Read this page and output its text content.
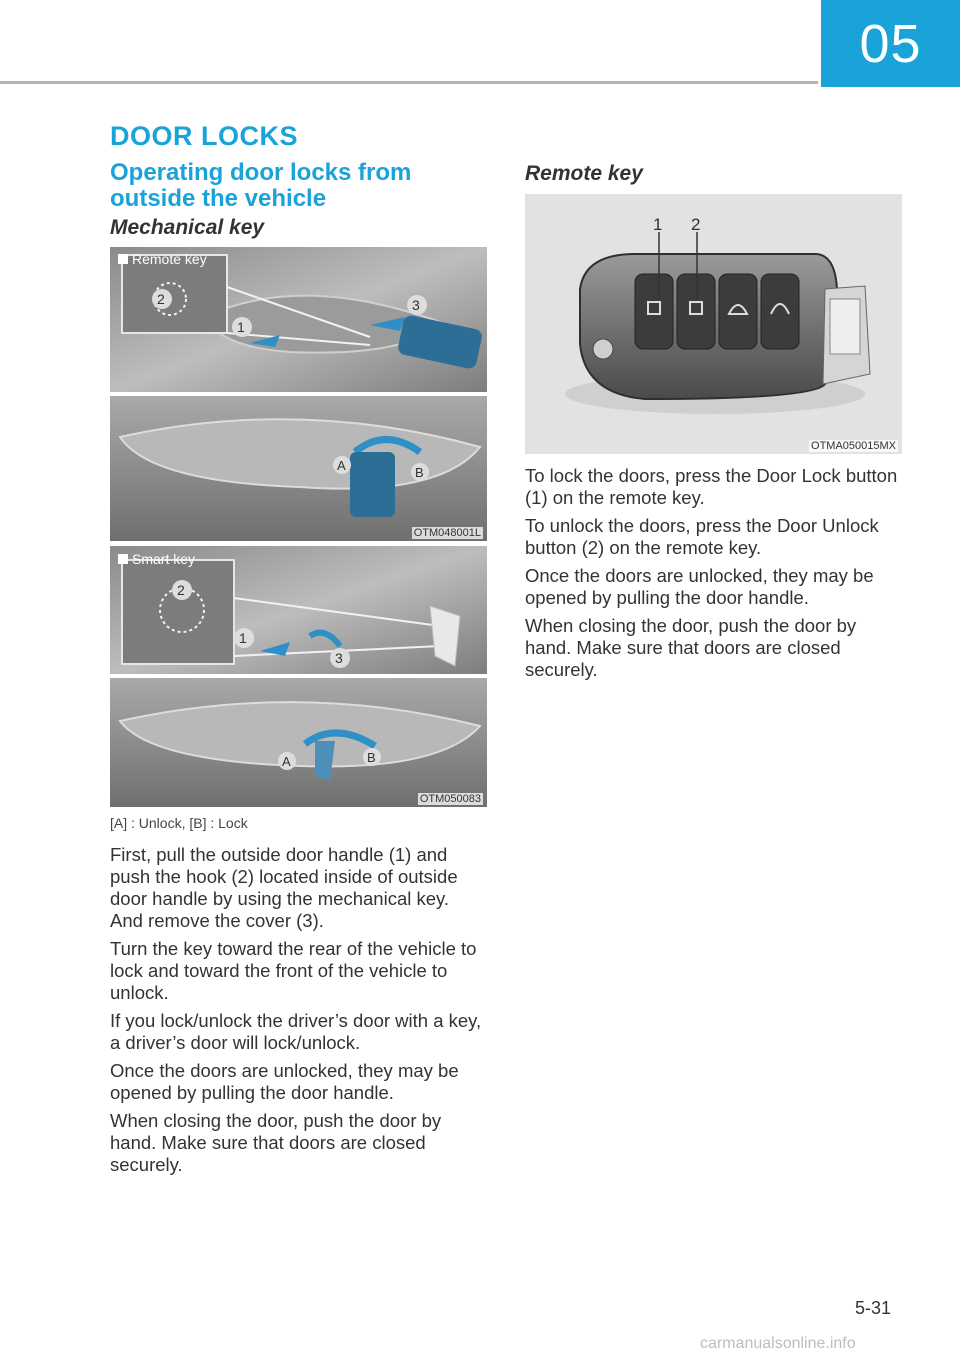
05
DOOR LOCKS
Operating door locks from outside the vehicle
Mechanical key
2
1
3
A	B
OTM048001L
Remote key
2
1
3
A	B
OTM050083
Smart key
[A] : Unlock, [B] : Lock

First, pull the outside door handle (1) and push the hook (2) located inside of outside door handle by using the mechanical key. And remove the cover (3).

Turn the key toward the rear of the vehicle to lock and toward the front of the vehicle to unlock.

If you lock/unlock the driver’s door with a key, a driver’s door will lock/unlock.

Once the doors are unlocked, they may be opened by pulling the door handle.

When closing the door, push the door by hand. Make sure that doors are closed securely.

Remote key
1 2
OTMA050015MX

To lock the doors, press the Door Lock button (1) on the remote key.

To unlock the doors, press the Door Unlock button (2) on the remote key.

Once the doors are unlocked, they may be opened by pulling the door handle.

When closing the door, push the door by hand. Make sure that doors are closed securely.

5-31
carmanualsonline.info
